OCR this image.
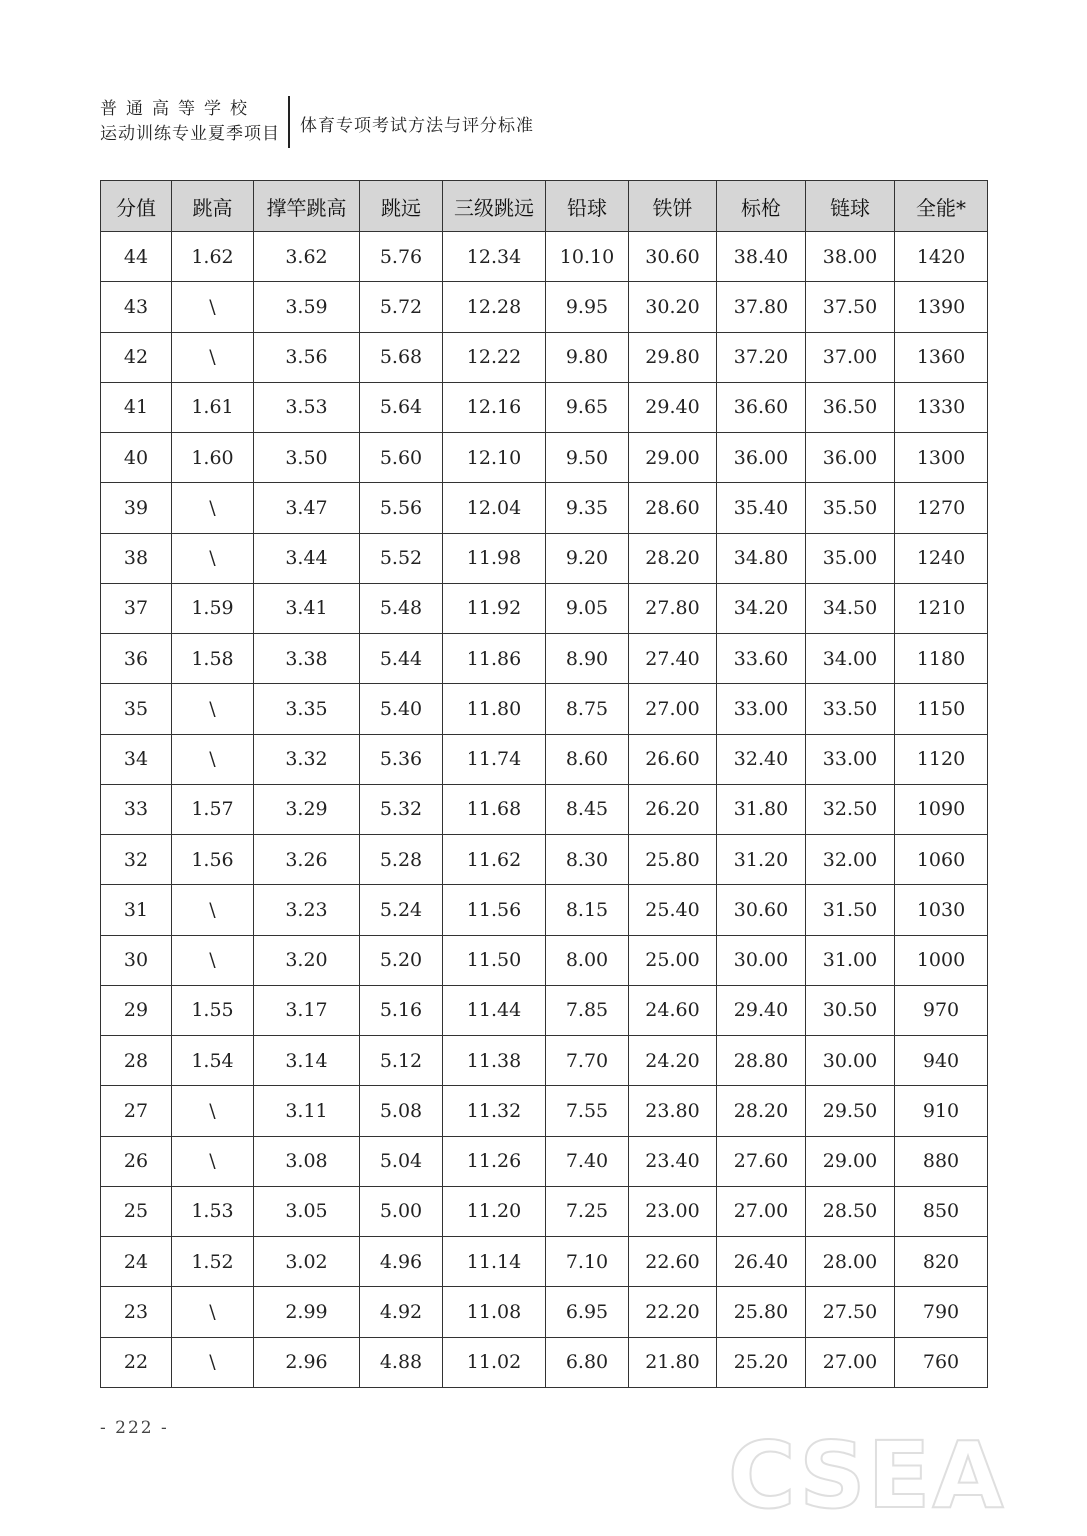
普通高等学校
运动训练专业夏季项目 体育专项考试方法与评分标准
分值	跳高	撑竿跳高	跳远	三级跳远	铅球	铁饼	标枪	链球	全能*
44	1.62	3.62	5.76	12.34	10.10	30.60	38.40	38.00	1420
43	\	3.59	5.72	12.28	9.95	30.20	37.80	37.50	1390
42	\	3.56	5.68	12.22	9.80	29.80	37.20	37.00	1360
41	1.61	3.53	5.64	12.16	9.65	29.40	36.60	36.50	1330
40	1.60	3.50	5.60	12.10	9.50	29.00	36.00	36.00	1300
39	\	3.47	5.56	12.04	9.35	28.60	35.40	35.50	1270
38	\	3.44	5.52	11.98	9.20	28.20	34.80	35.00	1240
37	1.59	3.41	5.48	11.92	9.05	27.80	34.20	34.50	1210
36	1.58	3.38	5.44	11.86	8.90	27.40	33.60	34.00	1180
35	\	3.35	5.40	11.80	8.75	27.00	33.00	33.50	1150
34	\	3.32	5.36	11.74	8.60	26.60	32.40	33.00	1120
33	1.57	3.29	5.32	11.68	8.45	26.20	31.80	32.50	1090
32	1.56	3.26	5.28	11.62	8.30	25.80	31.20	32.00	1060
31	\	3.23	5.24	11.56	8.15	25.40	30.60	31.50	1030
30	\	3.20	5.20	11.50	8.00	25.00	30.00	31.00	1000
29	1.55	3.17	5.16	11.44	7.85	24.60	29.40	30.50	970
28	1.54	3.14	5.12	11.38	7.70	24.20	28.80	30.00	940
27	\	3.11	5.08	11.32	7.55	23.80	28.20	29.50	910
26	\	3.08	5.04	11.26	7.40	23.40	27.60	29.00	880
25	1.53	3.05	5.00	11.20	7.25	23.00	27.00	28.50	850
24	1.52	3.02	4.96	11.14	7.10	22.60	26.40	28.00	820
23	\	2.99	4.92	11.08	6.95	22.20	25.80	27.50	790
22	\	2.96	4.88	11.02	6.80	21.80	25.20	27.00	760
- 222 -	CSEA
